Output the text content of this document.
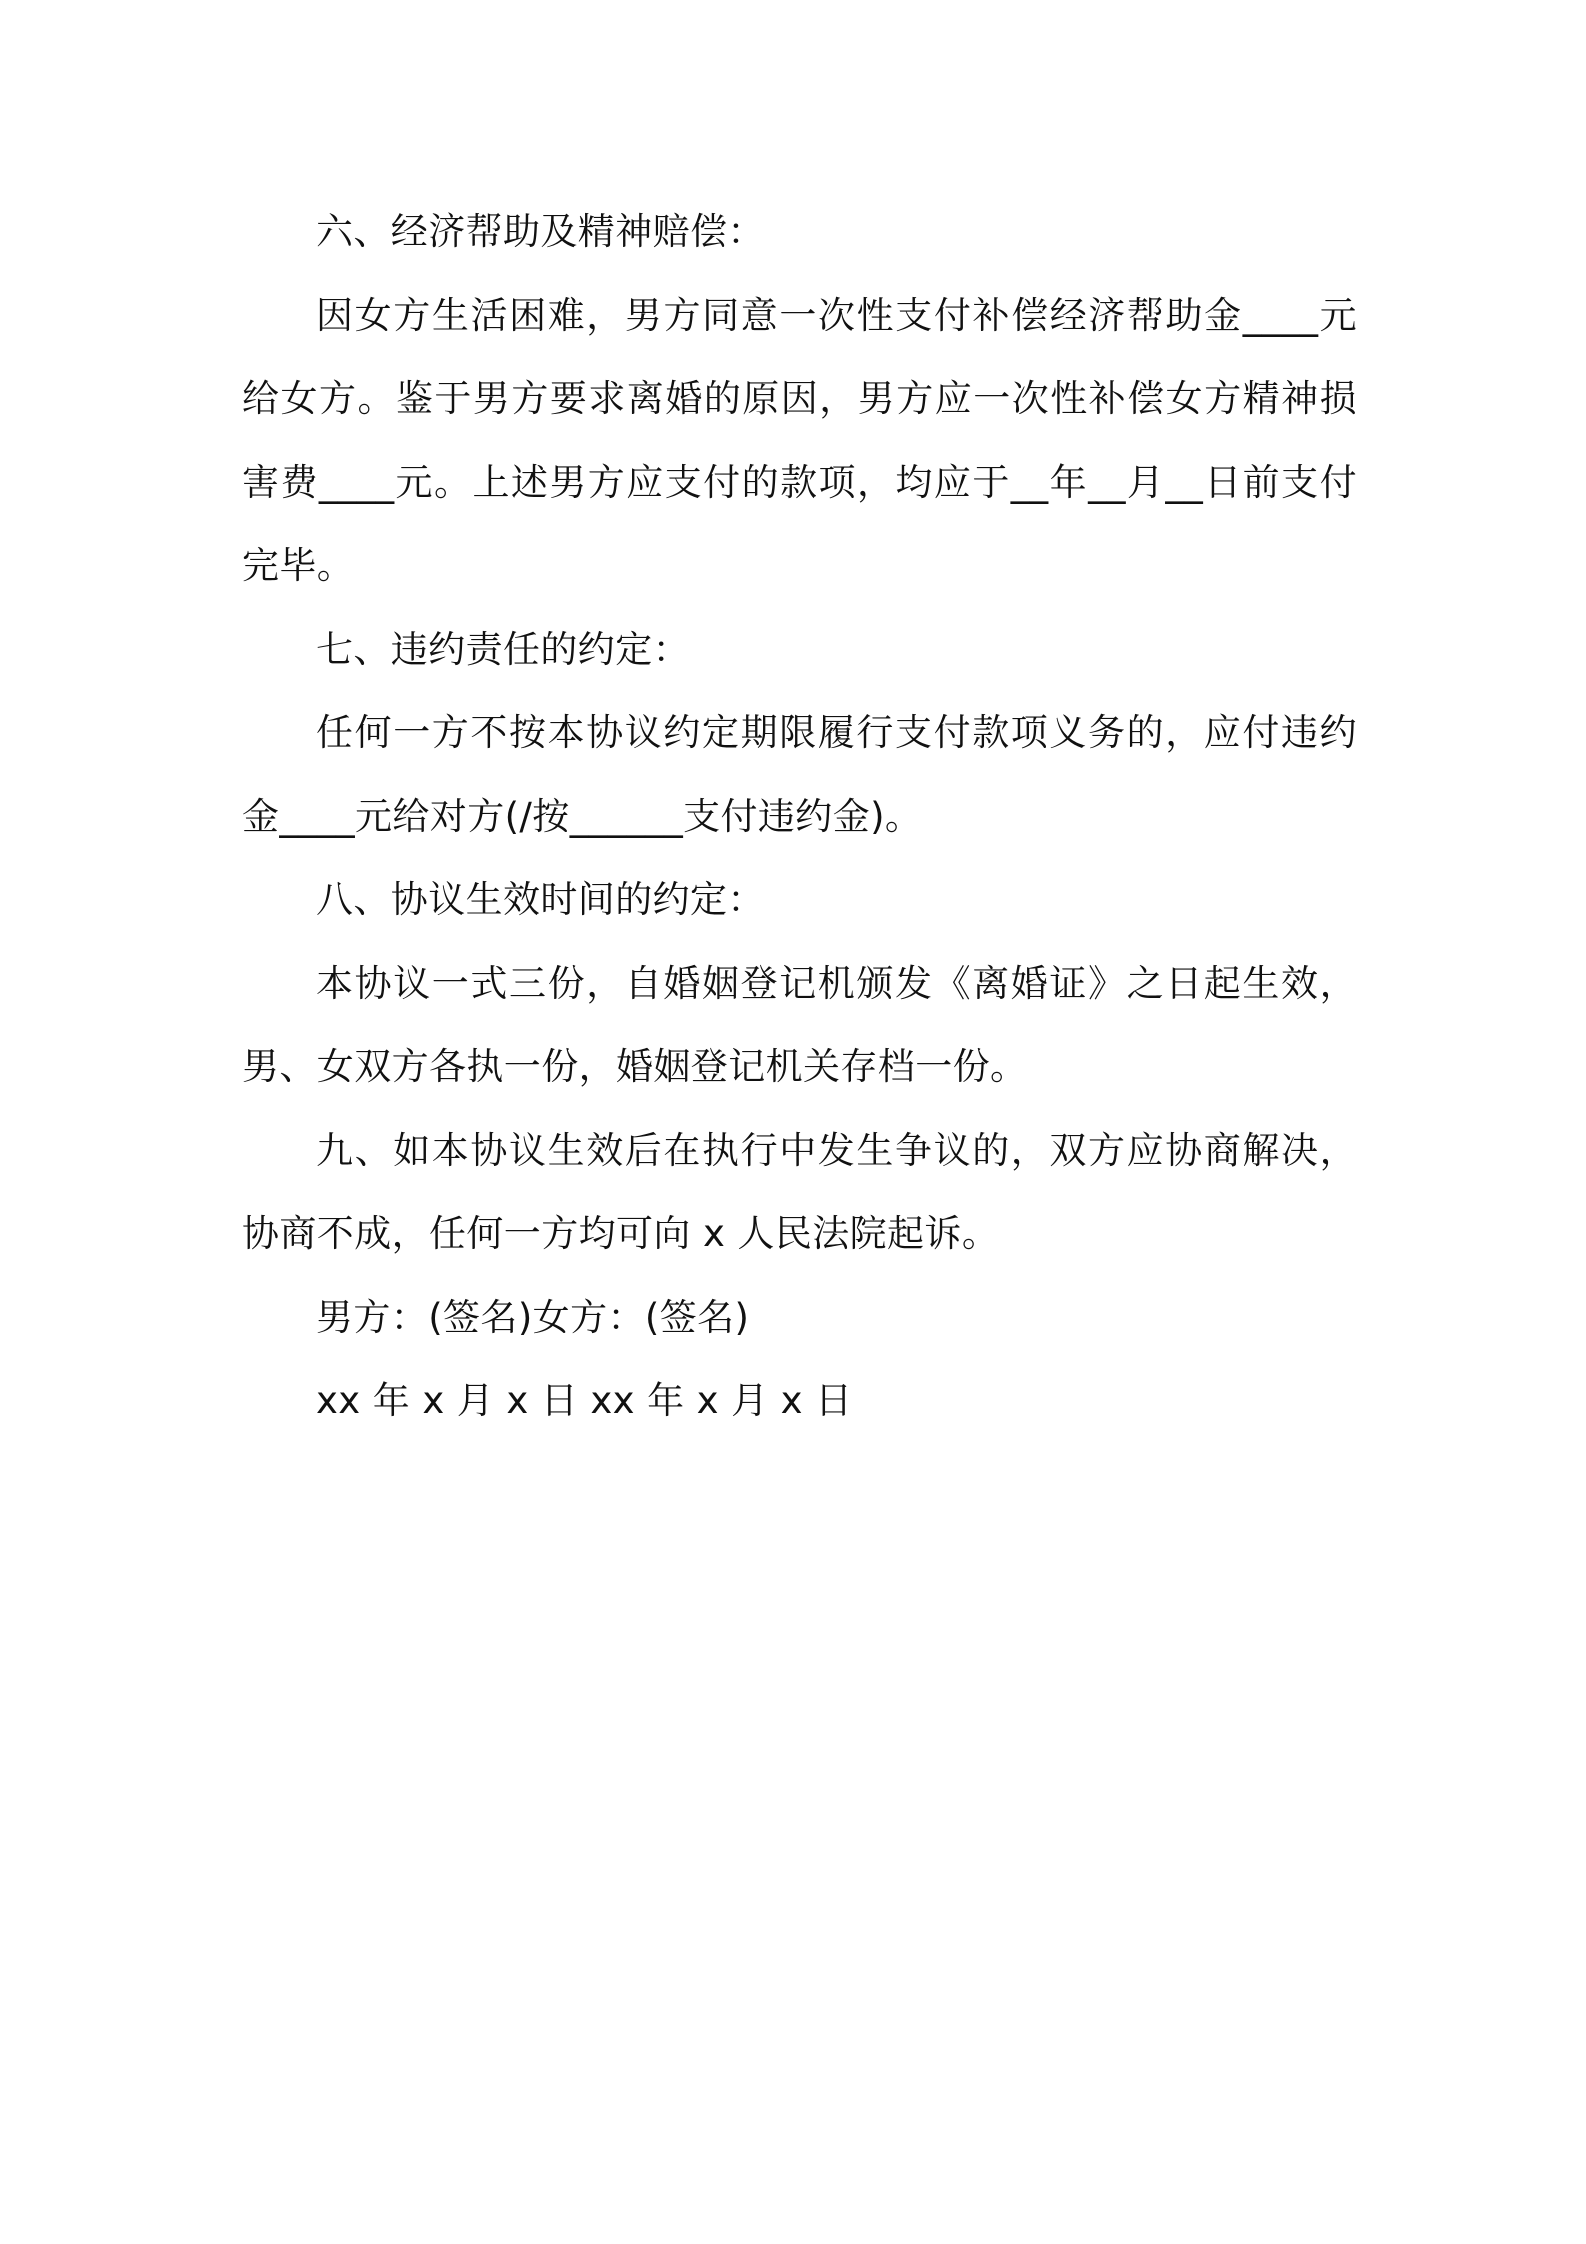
六、经济帮助及精神赔偿：

因女方生活困难，男方同意一次性支付补偿经济帮助金____元给女方。鉴于男方要求离婚的原因，男方应一次性补偿女方精神损害费____元。上述男方应支付的款项，均应于__年__月__日前支付完毕。

七、违约责任的约定：

任何一方不按本协议约定期限履行支付款项义务的，应付违约金____元给对方(/按______支付违约金)。

八、协议生效时间的约定：

本协议一式三份，自婚姻登记机颁发《离婚证》之日起生效，男、女双方各执一份，婚姻登记机关存档一份。

九、如本协议生效后在执行中发生争议的，双方应协商解决，协商不成，任何一方均可向 x 人民法院起诉。

男方：(签名)女方：(签名)

xx 年 x 月 x 日 xx 年 x 月 x 日
